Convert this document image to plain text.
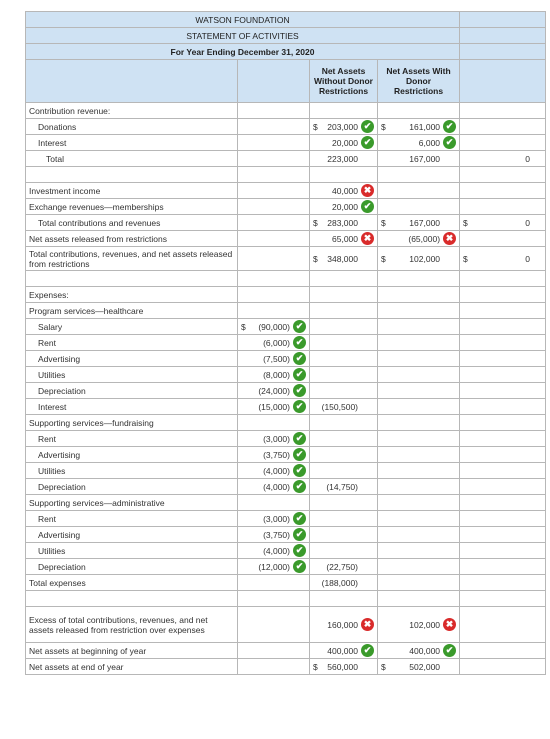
WATSON FOUNDATION				
STATEMENT OF ACTIVITIES				
For Year Ending December 31, 2020				
		Net Assets Without Donor Restrictions	Net Assets With Donor Restrictions	
Contribution revenue:				
Donations		$ 203,000 ✔	$ 161,000 ✔	

Interest		20,000 ✔	6,000 ✔	

Total		223,000	167,000	0

Investment income		40,000 ✖		

Exchange revenues—memberships		20,000 ✔		

Total contributions and revenues		$ 283,000	$ 167,000	$ 0

Net assets released from restrictions		65,000 ✖	(65,000) ✖	

Total contributions, revenues, and net assets released from restrictions		$ 348,000	$ 102,000	$ 0

Expenses:				
Program services—healthcare				
Salary	$ (90,000) ✔			

Rent	(6,000) ✔			

Advertising	(7,500) ✔			

Utilities	(8,000) ✔			

Depreciation	(24,000) ✔			

Interest	(15,000) ✔	(150,500)		

Supporting services—fundraising				
Rent	(3,000) ✔			

Advertising	(3,750) ✔			

Utilities	(4,000) ✔			

Depreciation	(4,000) ✔	(14,750)		

Supporting services—administrative				
Rent	(3,000) ✔			

Advertising	(3,750) ✔			

Utilities	(4,000) ✔			

Depreciation	(12,000) ✔	(22,750)		

Total expenses		(188,000)		

Excess of total contributions, revenues, and net assets released from restriction over expenses		160,000 ✖	102,000 ✖	

Net assets at beginning of year		400,000 ✔	400,000 ✔	

Net assets at end of year		$ 560,000	$ 502,000	
